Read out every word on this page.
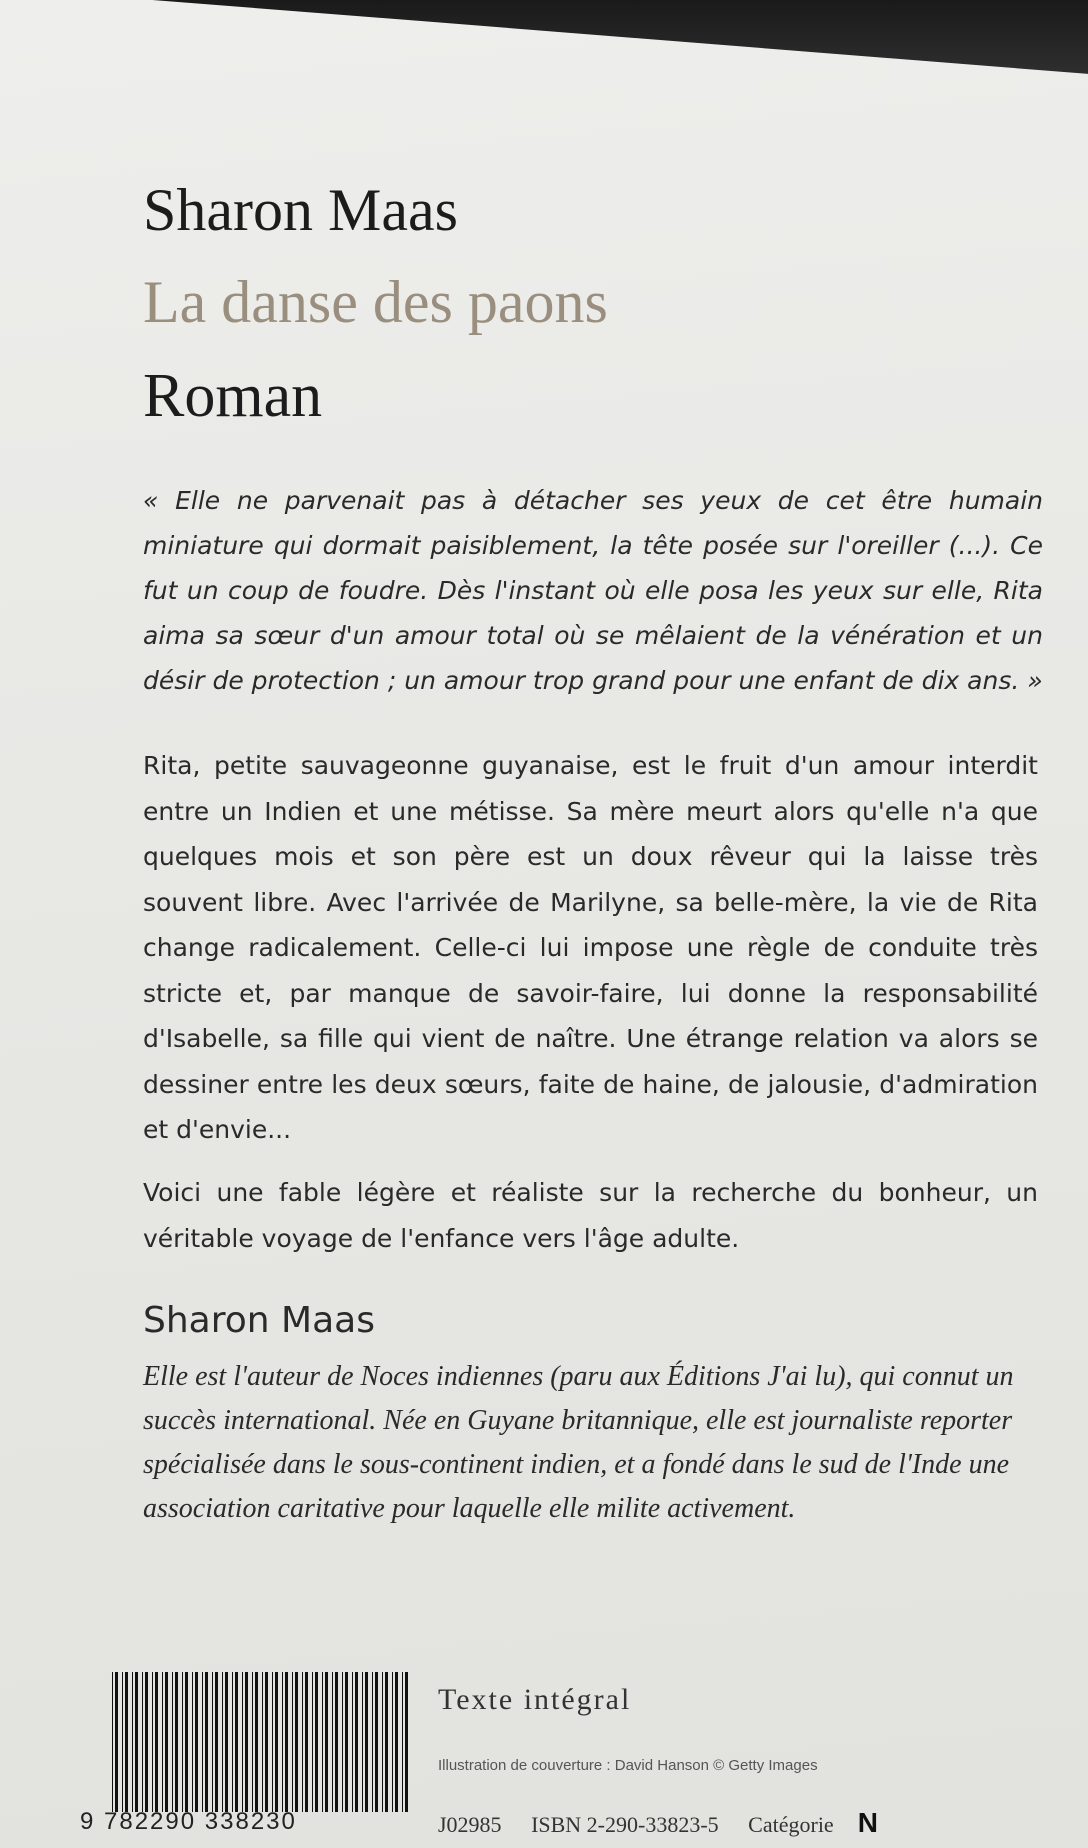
Sharon Maas
La danse des paons
Roman

« Elle ne parvenait pas à détacher ses yeux de cet être humain miniature qui dormait paisiblement, la tête posée sur l'oreiller (...). Ce fut un coup de foudre. Dès l'instant où elle posa les yeux sur elle, Rita aima sa sœur d'un amour total où se mêlaient de la vénération et un désir de protection ; un amour trop grand pour une enfant de dix ans. »

Rita, petite sauvageonne guyanaise, est le fruit d'un amour interdit entre un Indien et une métisse. Sa mère meurt alors qu'elle n'a que quelques mois et son père est un doux rêveur qui la laisse très souvent libre. Avec l'arrivée de Marilyne, sa belle-mère, la vie de Rita change radicalement. Celle-ci lui impose une règle de conduite très stricte et, par manque de savoir-faire, lui donne la responsabilité d'Isabelle, sa fille qui vient de naître. Une étrange relation va alors se dessiner entre les deux sœurs, faite de haine, de jalousie, d'admiration et d'envie...

Voici une fable légère et réaliste sur la recherche du bonheur, un véritable voyage de l'enfance vers l'âge adulte.

Sharon Maas

Elle est l'auteur de Noces indiennes (paru aux Éditions J'ai lu), qui connut un succès international. Née en Guyane britannique, elle est journaliste reporter spécialisée dans le sous-continent indien, et a fondé dans le sud de l'Inde une association caritative pour laquelle elle milite activement.

9 782290 338230
Texte intégral
Illustration de couverture : David Hanson © Getty Images
J02985 ISBN 2-290-33823-5 Catégorie N
